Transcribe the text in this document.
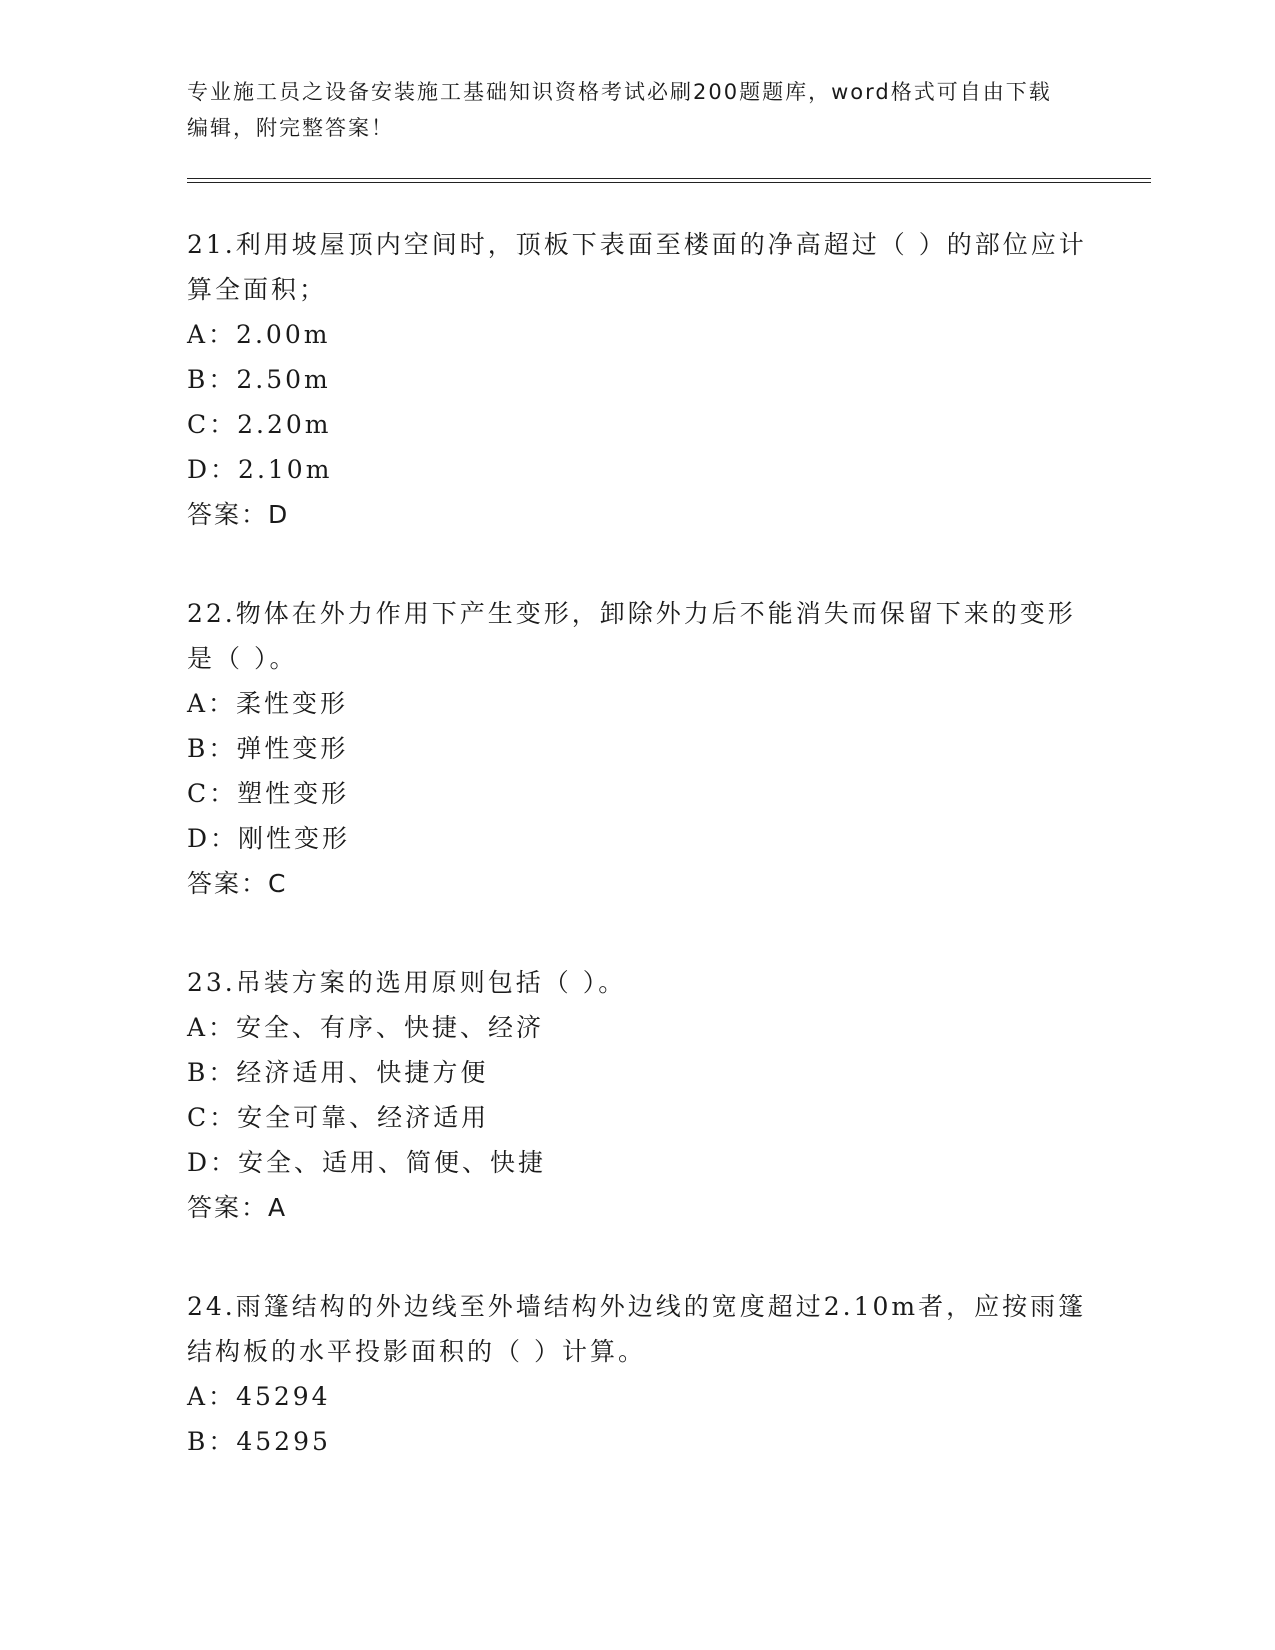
专业施工员之设备安装施工基础知识资格考试必刷200题题库，word格式可自由下载编辑，附完整答案！

21.利用坡屋顶内空间时，顶板下表面至楼面的净高超过（ ）的部位应计算全面积；

A：2.00m

B：2.50m

C：2.20m

D：2.10m

答案：D

22.物体在外力作用下产生变形，卸除外力后不能消失而保留下来的变形是（ ）。

A：柔性变形

B：弹性变形

C：塑性变形

D：刚性变形

答案：C

23.吊装方案的选用原则包括（ ）。

A：安全、有序、快捷、经济

B：经济适用、快捷方便

C：安全可靠、经济适用

D：安全、适用、简便、快捷

答案：A

24.雨篷结构的外边线至外墙结构外边线的宽度超过2.10m者，应按雨篷结构板的水平投影面积的（ ）计算。

A：45294

B：45295
